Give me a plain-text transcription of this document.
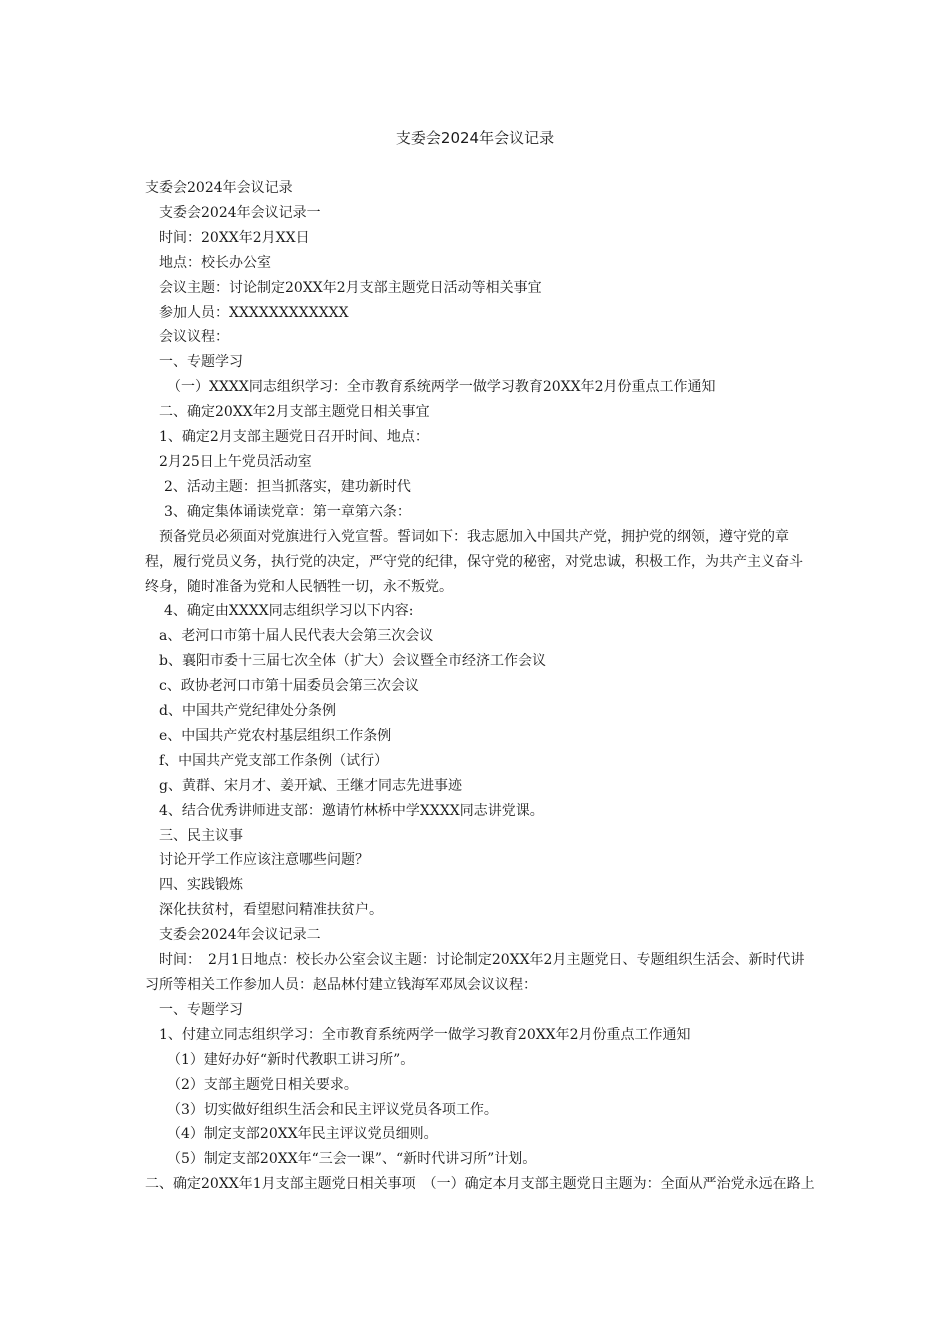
支委会2024年会议记录
支委会2024年会议记录
支委会2024年会议记录一
时间：20XX年2月XX日
地点：校长办公室
会议主题：讨论制定20XX年2月支部主题党日活动等相关事宜
参加人员：XXXXXXXXXXXX
会议议程：
一、专题学习
（一）XXXX同志组织学习：全市教育系统两学一做学习教育20XX年2月份重点工作通知
二、确定20XX年2月支部主题党日相关事宜
1、确定2月支部主题党日召开时间、地点：
2月25日上午党员活动室
2、活动主题：担当抓落实，建功新时代
3、确定集体诵读党章：第一章第六条：
预备党员必须面对党旗进行入党宣誓。誓词如下：我志愿加入中国共产党，拥护党的纲领，遵守党的章程，履行党员义务，执行党的决定，严守党的纪律，保守党的秘密，对党忠诚，积极工作，为共产主义奋斗终身，随时准备为党和人民牺牲一切，永不叛党。
4、确定由XXXX同志组织学习以下内容:
a、老河口市第十届人民代表大会第三次会议
b、襄阳市委十三届七次全体（扩大）会议暨全市经济工作会议
c、政协老河口市第十届委员会第三次会议
d、中国共产党纪律处分条例
e、中国共产党农村基层组织工作条例
f、中国共产党支部工作条例（试行）
g、黄群、宋月才、姜开斌、王继才同志先进事迹
4、结合优秀讲师进支部：邀请竹林桥中学XXXX同志讲党课。
三、民主议事
讨论开学工作应该注意哪些问题？
四、实践锻炼
深化扶贫村，看望慰问精准扶贫户。
支委会2024年会议记录二
时间：　2月1日地点：校长办公室会议主题：讨论制定20XX年2月主题党日、专题组织生活会、新时代讲习所等相关工作参加人员：赵品林付建立钱海军邓凤会议议程：
一、专题学习
1、付建立同志组织学习：全市教育系统两学一做学习教育20XX年2月份重点工作通知
（1）建好办好“新时代教职工讲习所”。
（2）支部主题党日相关要求。
（3）切实做好组织生活会和民主评议党员各项工作。
（4）制定支部20XX年民主评议党员细则。
（5）制定支部20XX年“三会一课”、“新时代讲习所”计划。
二、确定20XX年1月支部主题党日相关事项　（一）确定本月支部主题党日主题为：全面从严治党永远在路上
